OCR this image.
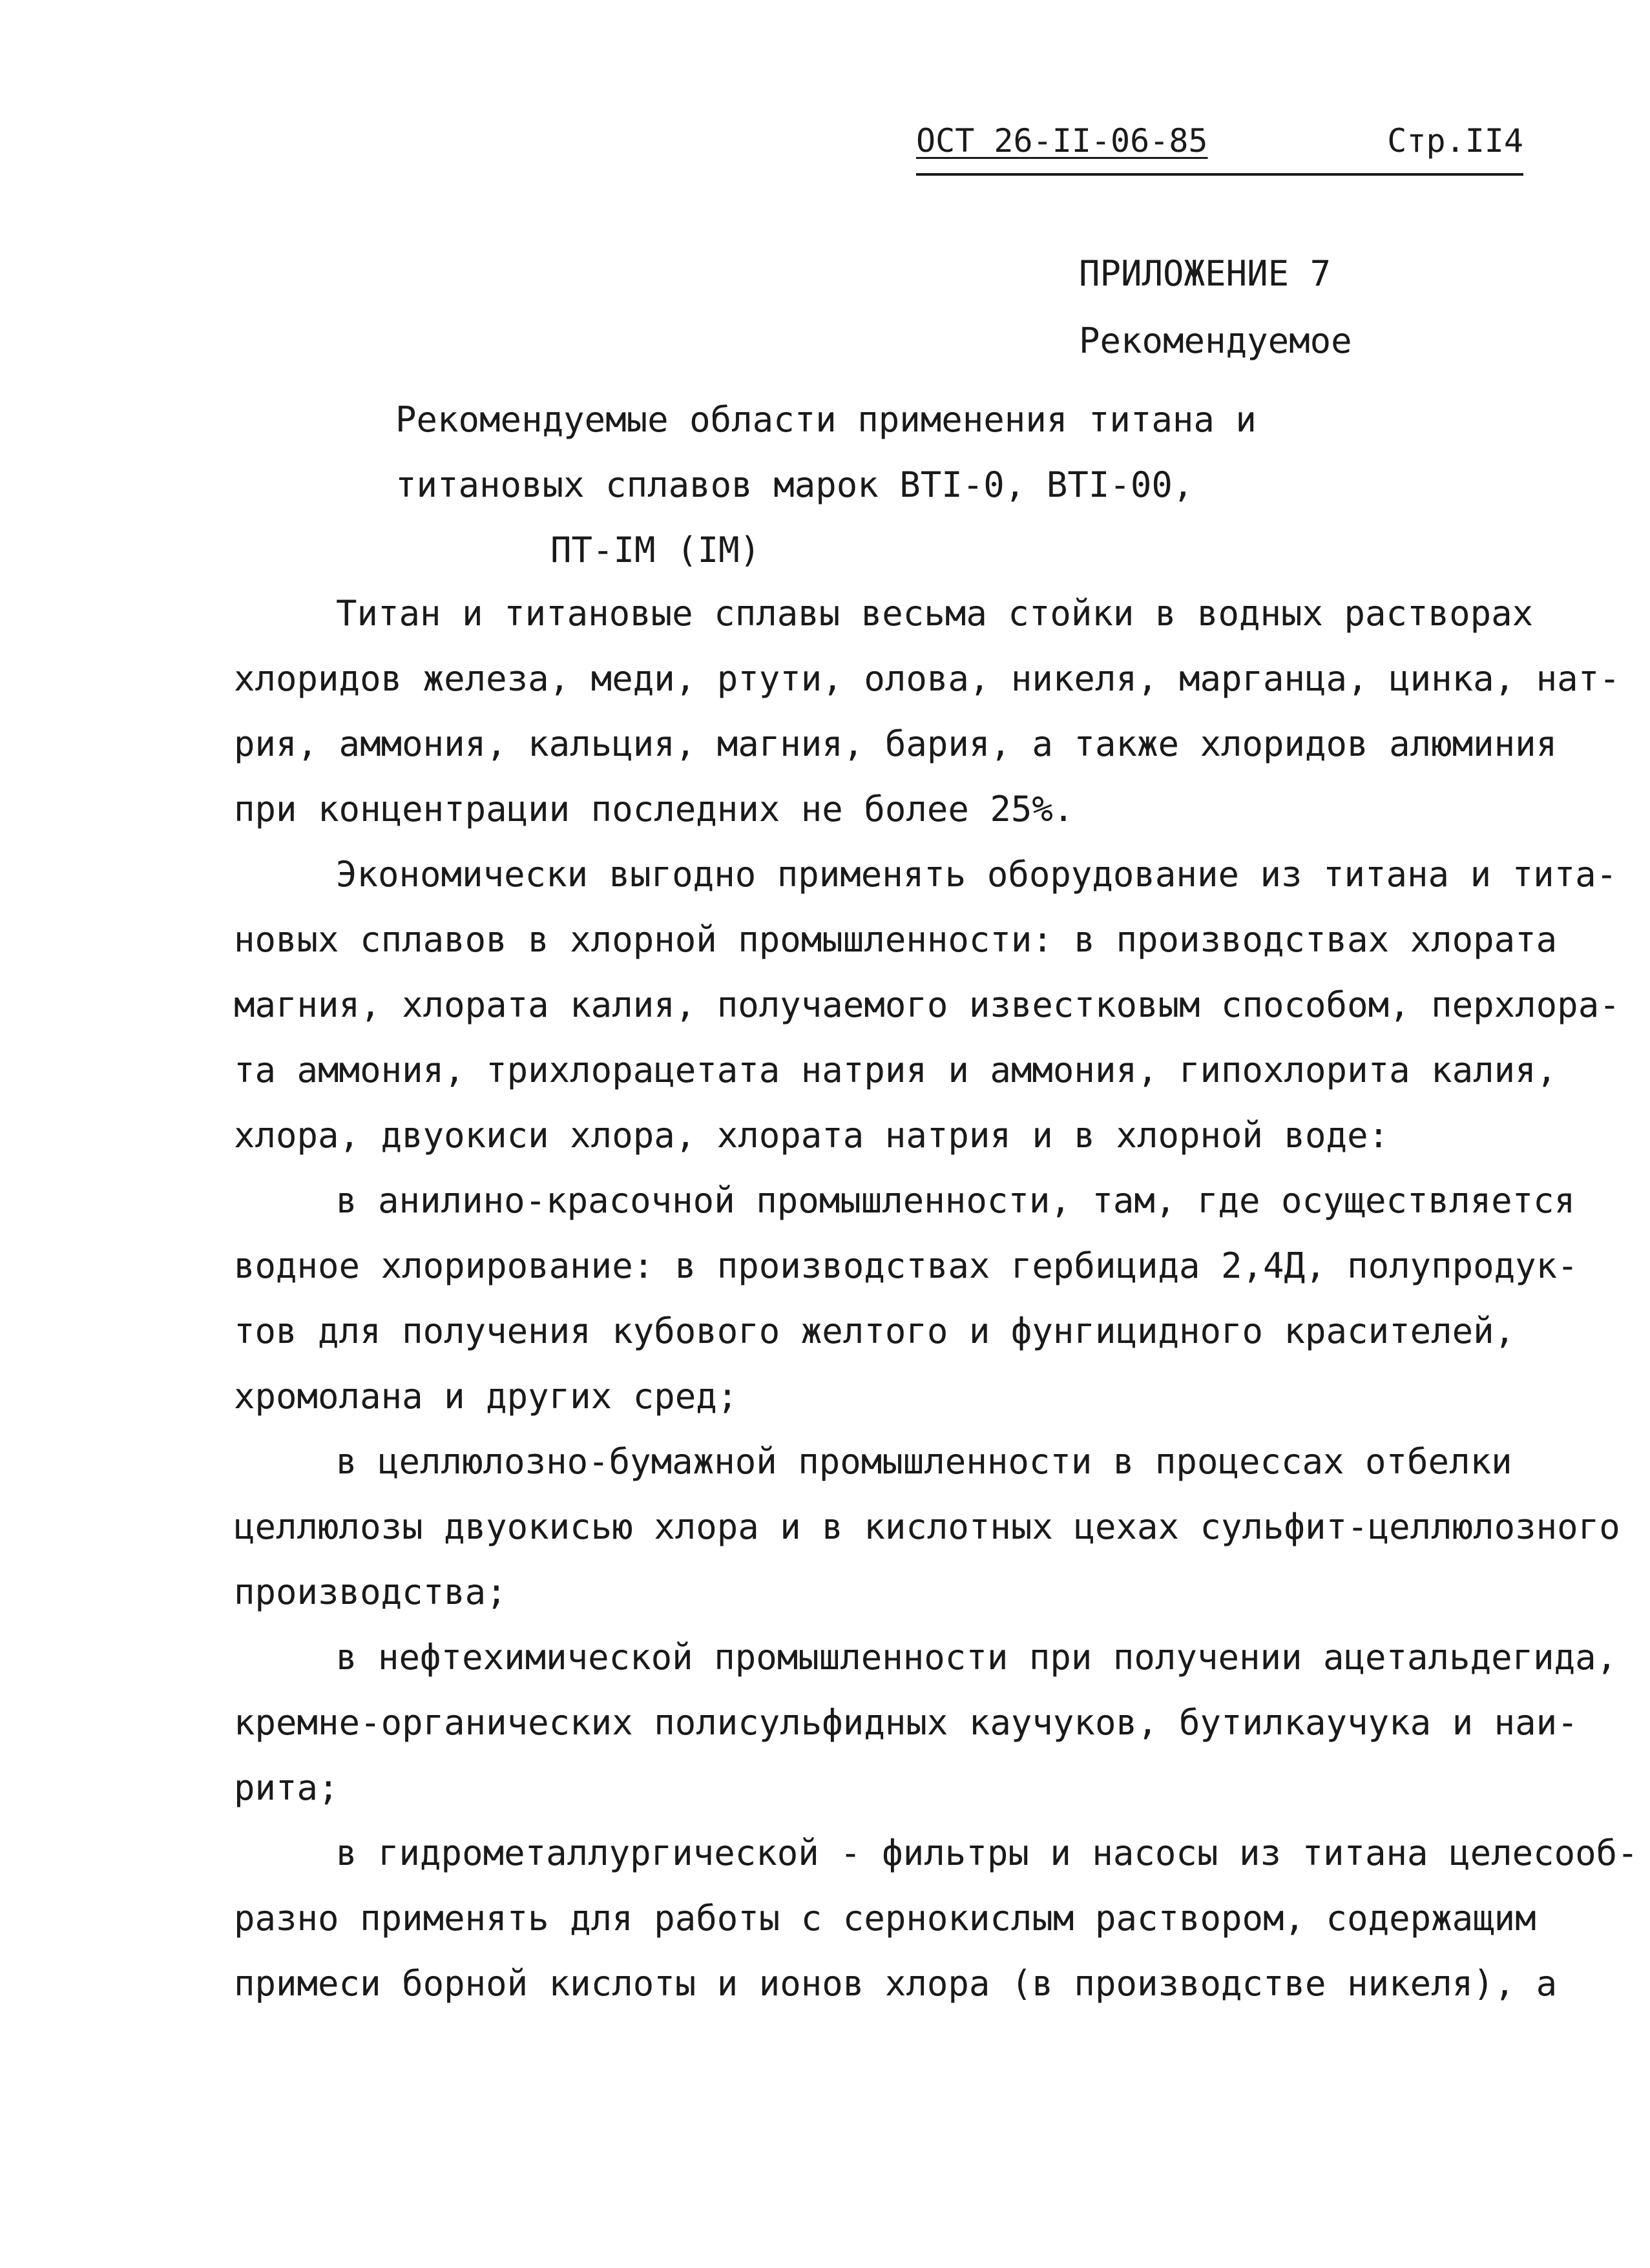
ОСТ 26-II-06-85	Стр.II4
ПРИЛОЖЕНИЕ 7
Рекомендуемое
Рекомендуемые области применения титана и
титановых сплавов марок ВТI-0, ВТI-00,
ПТ-IМ (IМ)
Титан и титановые сплавы весьма стойки в водных растворах
хлоридов железа, меди, ртути, олова, никеля, марганца, цинка, нат-
рия, аммония, кальция, магния, бария, а также хлоридов алюминия
при концентрации последних не более 25%.
Экономически выгодно применять оборудование из титана и тита-
новых сплавов в хлорной промышленности: в производствах хлората
магния, хлората калия, получаемого известковым способом, перхлора-
та аммония, трихлорацетата натрия и аммония, гипохлорита калия,
хлора, двуокиси хлора, хлората натрия и в хлорной воде:
в анилино-красочной промышленности, там, где осуществляется
водное хлорирование: в производствах гербицида 2,4Д, полупродук-
тов для получения кубового желтого и фунгицидного красителей,
хромолана и других сред;
в целлюлозно-бумажной промышленности в процессах отбелки
целлюлозы двуокисью хлора и в кислотных цехах сульфит-целлюлозного
производства;
в нефтехимической промышленности при получении ацетальдегида,
кремне-органических полисульфидных каучуков, бутилкаучука и наи-
рита;
в гидрометаллургической - фильтры и насосы из титана целесооб-
разно применять для работы с сернокислым раствором, содержащим
примеси борной кислоты и ионов хлора (в производстве никеля), а
